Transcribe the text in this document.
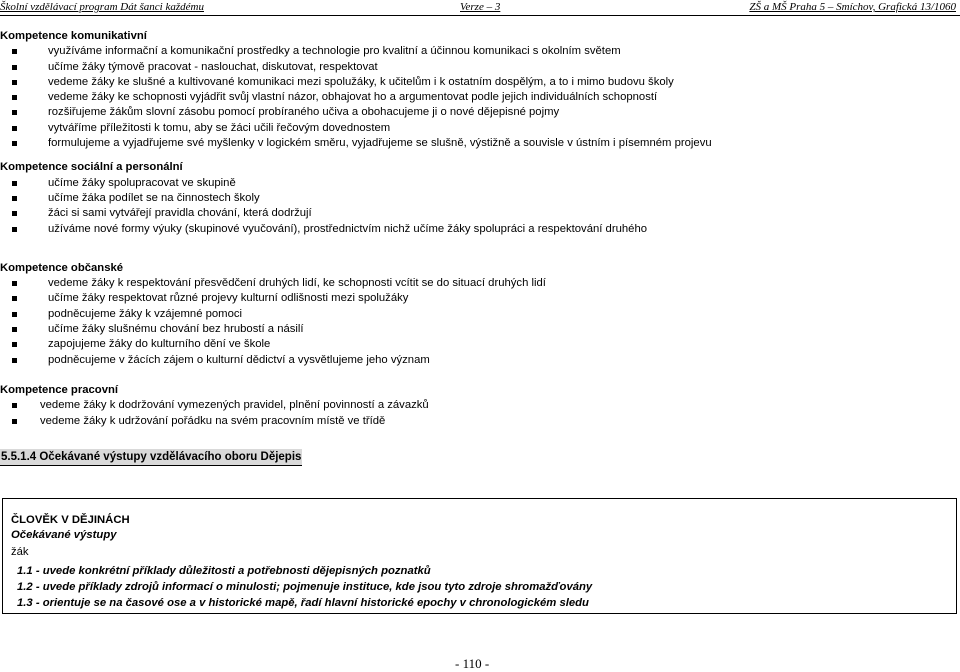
Školní vzdělávací program Dát šanci každému	Verze – 3	ZŠ a MŠ Praha 5 – Smíchov, Grafická 13/1060
Kompetence komunikativní
využíváme informační a komunikační prostředky a technologie pro kvalitní a účinnou komunikaci s okolním světem
učíme žáky týmově pracovat - naslouchat, diskutovat, respektovat
vedeme žáky ke slušné a kultivované komunikaci mezi spolužáky, k učitelům i k ostatním dospělým, a to i mimo budovu školy
vedeme žáky ke schopnosti vyjádřit svůj vlastní názor, obhajovat ho a argumentovat podle jejich individuálních schopností
rozšiřujeme žákům slovní zásobu pomocí probíraného učiva a obohacujeme ji o nové dějepisné pojmy
vytváříme příležitosti k tomu, aby se žáci učili řečovým dovednostem
formulujeme a vyjadřujeme své myšlenky v logickém směru, vyjadřujeme se slušně, výstižně a souvisle v ústním i písemném projevu
Kompetence sociální a personální
učíme žáky spolupracovat ve skupině
učíme žáka podílet se na činnostech školy
žáci si sami vytvářejí pravidla chování, která dodržují
užíváme nové formy výuky (skupinové vyučování), prostřednictvím nichž učíme žáky spolupráci a respektování druhého
Kompetence občanské
vedeme žáky k respektování přesvědčení druhých lidí, ke schopnosti vcítit se do situací druhých lidí
učíme žáky respektovat různé projevy kulturní odlišnosti mezi spolužáky
podněcujeme žáky k vzájemné pomoci
učíme žáky slušnému chování bez hrubostí a násilí
zapojujeme žáky do kulturního dění ve škole
podněcujeme v žácích zájem o kulturní dědictví a vysvětlujeme jeho význam
Kompetence pracovní
vedeme žáky k dodržování vymezených pravidel, plnění povinností a závazků
vedeme žáky k udržování pořádku na svém pracovním místě ve třídě
5.5.1.4 Očekávané výstupy vzdělávacího oboru Dějepis
ČLOVĚK V DĚJINÁCH
Očekávané výstupy
žák
1.1 - uvede konkrétní příklady důležitosti a potřebnosti dějepisných poznatků
1.2 - uvede příklady zdrojů informací o minulosti; pojmenuje instituce, kde jsou tyto zdroje shromažďovány
1.3 - orientuje se na časové ose a v historické mapě, řadí hlavní historické epochy v chronologickém sledu
- 110 -
